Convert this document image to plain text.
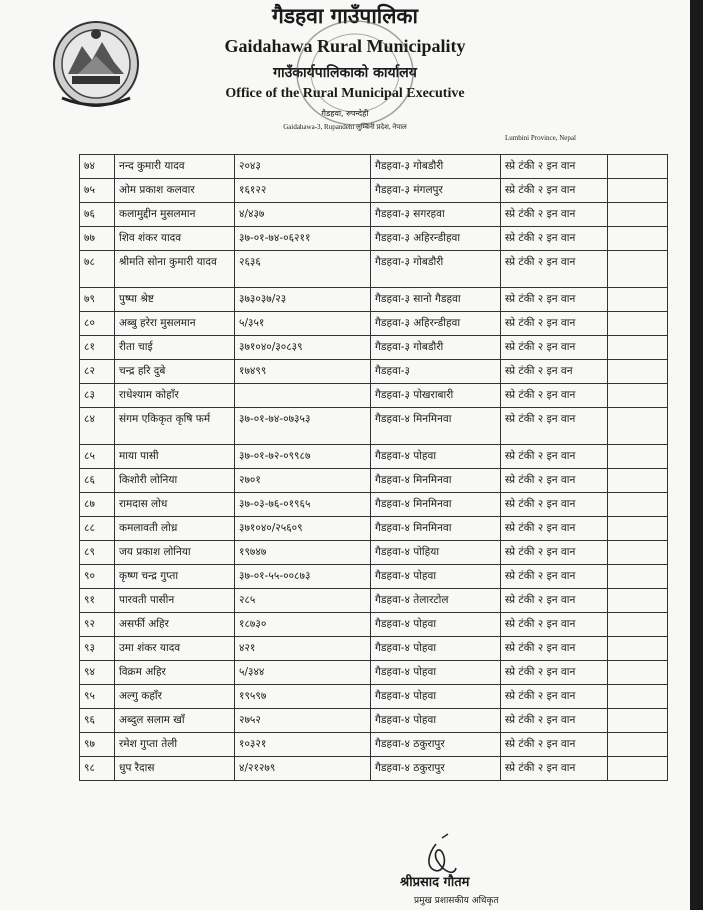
गैडहवा गाउँपालिका
Gaidahawa Rural Municipality
गाउँकार्यपालिकाको कार्यालय
Office of the Rural Municipal Executive
गैडहवा, रुपन्देही
Gaidahawa-3, Rupandehi लुम्बिनी प्रदेश, नेपाल
Lumbini Province, Nepal
७४	नन्द कुमारी यादव	२०४३	गैडहवा-३ गोबडौरी	स्प्रे टंकी २ इन वान	
७५	ओम प्रकाश कलवार	१६१२२	गैडहवा-३ मंगलपुर	स्प्रे टंकी २ इन वान	
७६	कलामुद्दीन मुसलमान	४/४३७	गैडहवा-३ सगरहवा	स्प्रे टंकी २ इन वान	
७७	शिव शंकर यादव	३७-०१-७४-०६२११	गैडहवा-३ अहिरन्डीहवा	स्प्रे टंकी २ इन वान	
७८	श्रीमति सोना कुमारी यादव	२६३६	गैडहवा-३ गोबडौरी	स्प्रे टंकी २ इन वान	
७९	पुष्पा श्रेष्ट	३७३०३७/२३	गैडहवा-३ सानो गैडहवा	स्प्रे टंकी २ इन वान	
८०	अब्बु हरेरा मुसलमान	५/३५१	गैडहवा-३ अहिरन्डीहवा	स्प्रे टंकी २ इन वान	
८१	रीता चाई	३७१०४०/३०८३९	गैडहवा-३ गोबडौरी	स्प्रे टंकी २ इन वान	
८२	चन्द्र हरि दुबे	१७४९९	गैडहवा-३	स्प्रे टंकी २ इन वन	
८३	राधेश्याम कोहाँर		गैडहवा-३ पोखराबारी	स्प्रे टंकी २ इन वान	
८४	संगम एकिकृत कृषि फर्म	३७-०१-७४-०७३५३	गैडहवा-४ मिनमिनवा	स्प्रे टंकी २ इन वान	
८५	माया पासी	३७-०१-७२-०९९८७	गैडहवा-४ पोहवा	स्प्रे टंकी २ इन वान	
८६	किशोरी लोनिया	२७०१	गैडहवा-४ मिनमिनवा	स्प्रे टंकी २ इन वान	
८७	रामदास लोध	३७-०३-७६-०१९६५	गैडहवा-४ मिनमिनवा	स्प्रे टंकी २ इन वान	
८८	कमलावती लोध्र	३७१०४०/२५६०९	गैडहवा-४ मिनमिनवा	स्प्रे टंकी २ इन वान	
८९	जय प्रकाश लोनिया	१९७४७	गैडहवा-४ पोहिया	स्प्रे टंकी २ इन वान	
९०	कृष्ण चन्द्र गुप्ता	३७-०१-५५-००८७३	गैडहवा-४ पोहवा	स्प्रे टंकी २ इन वान	
९१	पारवती पासीन	२८५	गैडहवा-४ तेलारटोल	स्प्रे टंकी २ इन वान	
९२	असर्फी अहिर	१८७३०	गैडहवा-४ पोहवा	स्प्रे टंकी २ इन वान	
९३	उमा शंकर यादव	४२१	गैडहवा-४ पोहवा	स्प्रे टंकी २ इन वान	
९४	विक्रम अहिर	५/३४४	गैडहवा-४ पोहवा	स्प्रे टंकी २ इन वान	
९५	अल्गु कहाँर	१९५९७	गैडहवा-४ पोहवा	स्प्रे टंकी २ इन वान	
९६	अब्दुल सलाम खाँ	२७५२	गैडहवा-४ पोहवा	स्प्रे टंकी २ इन वान	
९७	रमेश गुप्ता तेली	१०३२१	गैडहवा-४ ठकुरापुर	स्प्रे टंकी २ इन वान	
९८	धुप रैदास	४/२१२७९	गैडहवा-४ ठकुरापुर	स्प्रे टंकी २ इन वान	
श्रीप्रसाद गौतम
प्रमुख प्रशासकीय अधिकृत
